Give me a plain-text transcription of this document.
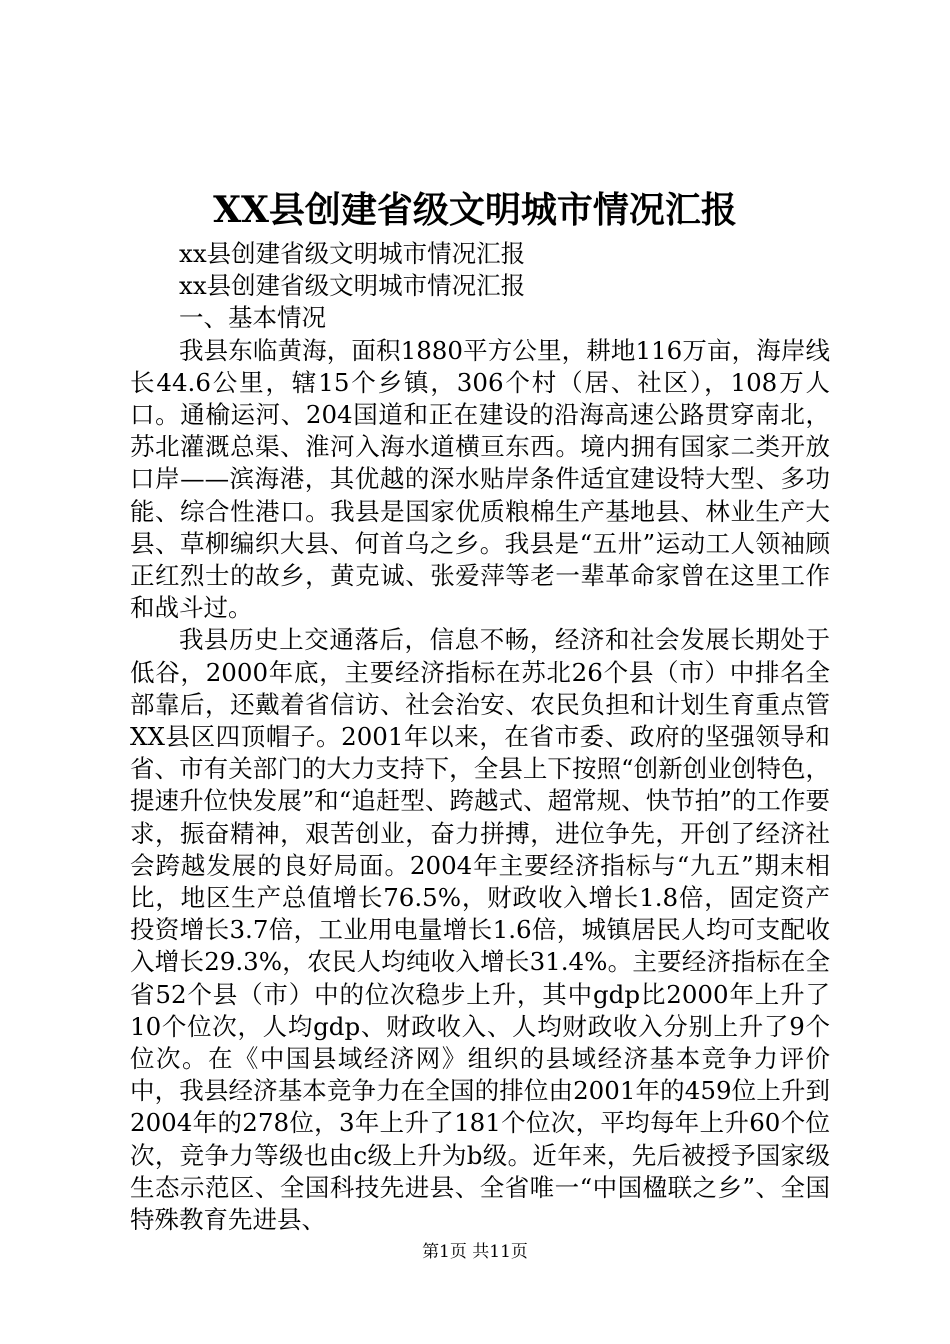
XX县创建省级文明城市情况汇报

xx县创建省级文明城市情况汇报

xx县创建省级文明城市情况汇报

一、基本情况

我县东临黄海，面积1880平方公里，耕地116万亩，海岸线长44.6公里，辖15个乡镇，306个村（居、社区），108万人口。通榆运河、204国道和正在建设的沿海高速公路贯穿南北，苏北灌溉总渠、淮河入海水道横亘东西。境内拥有国家二类开放口岸——滨海港，其优越的深水贴岸条件适宜建设特大型、多功能、综合性港口。我县是国家优质粮棉生产基地县、林业生产大县、草柳编织大县、何首乌之乡。我县是“五卅”运动工人领袖顾正红烈士的故乡，黄克诚、张爱萍等老一辈革命家曾在这里工作和战斗过。

我县历史上交通落后，信息不畅，经济和社会发展长期处于低谷，2000年底，主要经济指标在苏北26个县（市）中排名全部靠后，还戴着省信访、社会治安、农民负担和计划生育重点管XX县区四顶帽子。2001年以来，在省市委、政府的坚强领导和省、市有关部门的大力支持下，全县上下按照“创新创业创特色，提速升位快发展”和“追赶型、跨越式、超常规、快节拍”的工作要求，振奋精神，艰苦创业，奋力拼搏，进位争先，开创了经济社会跨越发展的良好局面。2004年主要经济指标与“九五”期末相比，地区生产总值增长76.5%，财政收入增长1.8倍，固定资产投资增长3.7倍，工业用电量增长1.6倍，城镇居民人均可支配收入增长29.3%，农民人均纯收入增长31.4%。主要经济指标在全省52个县（市）中的位次稳步上升，其中gdp比2000年上升了10个位次，人均gdp、财政收入、人均财政收入分别上升了9个位次。在《中国县域经济网》组织的县域经济基本竞争力评价中，我县经济基本竞争力在全国的排位由2001年的459位上升到2004年的278位，3年上升了181个位次，平均每年上升60个位次，竞争力等级也由c级上升为b级。近年来，先后被授予国家级生态示范区、全国科技先进县、全省唯一“中国楹联之乡”、全国特殊教育先进县、

第1页 共11页
